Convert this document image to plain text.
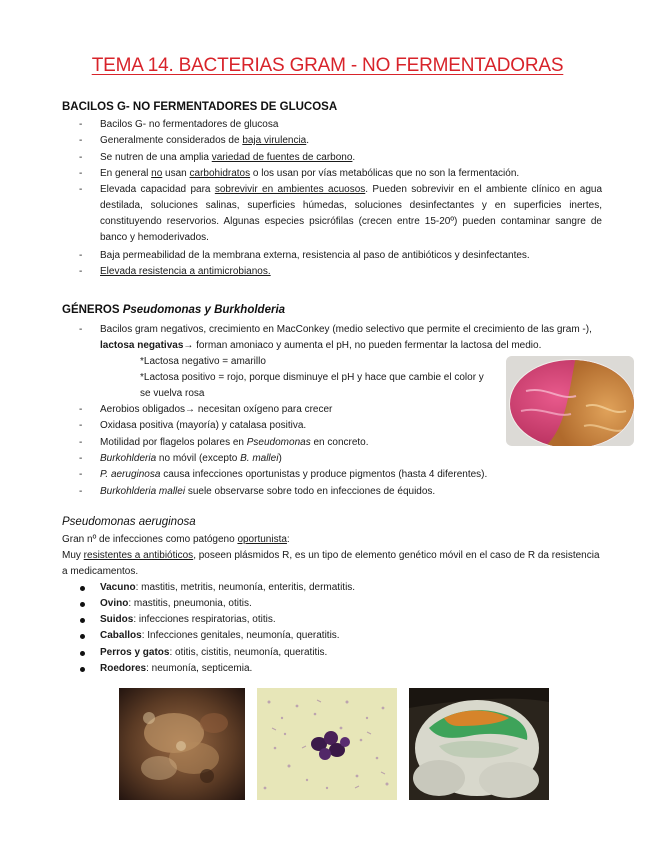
TEMA 14. BACTERIAS GRAM - NO FERMENTADORAS
BACILOS G- NO FERMENTADORES DE GLUCOSA
- Bacilos G- no fermentadores de glucosa
- Generalmente considerados de baja virulencia.
- Se nutren de una amplia variedad de fuentes de carbono.
- En general no usan carbohidratos o los usan por vías metabólicas que no son la fermentación.
- Elevada capacidad para sobrevivir en ambientes acuosos. Pueden sobrevivir en el ambiente clínico en agua destilada, soluciones salinas, superficies húmedas, soluciones desinfectantes y en superficies inertes, constituyendo reservorios. Algunas especies psicrófilas (crecen entre 15-20º) pueden contaminar sangre de banco y hemoderivados.
- Baja permeabilidad de la membrana externa, resistencia al paso de antibióticos y desinfectantes.
- Elevada resistencia a antimicrobianos.
GÉNEROS Pseudomonas y Burkholderia
- Bacilos gram negativos, crecimiento en MacConkey (medio selectivo que permite el crecimiento de las gram -),
lactosa negativas→ forman amoniaco y aumenta el pH, no pueden fermentar la lactosa del medio.
*Lactosa negativo = amarillo
*Lactosa positivo = rojo, porque disminuye el pH y hace que cambie el color y
se vuelva rosa
- Aerobios obligados→ necesitan oxígeno para crecer
- Oxidasa positiva (mayoría) y catalasa positiva.
- Motilidad por flagelos polares en Pseudomonas en concreto.
- Burkohlderia no móvil (excepto B. mallei)
- P. aeruginosa causa infecciones oportunistas y produce pigmentos (hasta 4 diferentes).
- Burkohlderia mallei suele observarse sobre todo en infecciones de équidos.
Pseudomonas aeruginosa
Gran nº de infecciones como patógeno oportunista:
Muy resistentes a antibióticos, poseen plásmidos R, es un tipo de elemento genético móvil en el caso de R da resistencia
a medicamentos.
Vacuno: mastitis, metritis, neumonía, enteritis, dermatitis.
Ovino: mastitis, pneumonia, otitis.
Suidos: infecciones respiratorias, otitis.
Caballos: Infecciones genitales, neumonía, queratitis.
Perros y gatos: otitis, cistitis, neumonía, queratitis.
Roedores: neumonía, septicemia.
